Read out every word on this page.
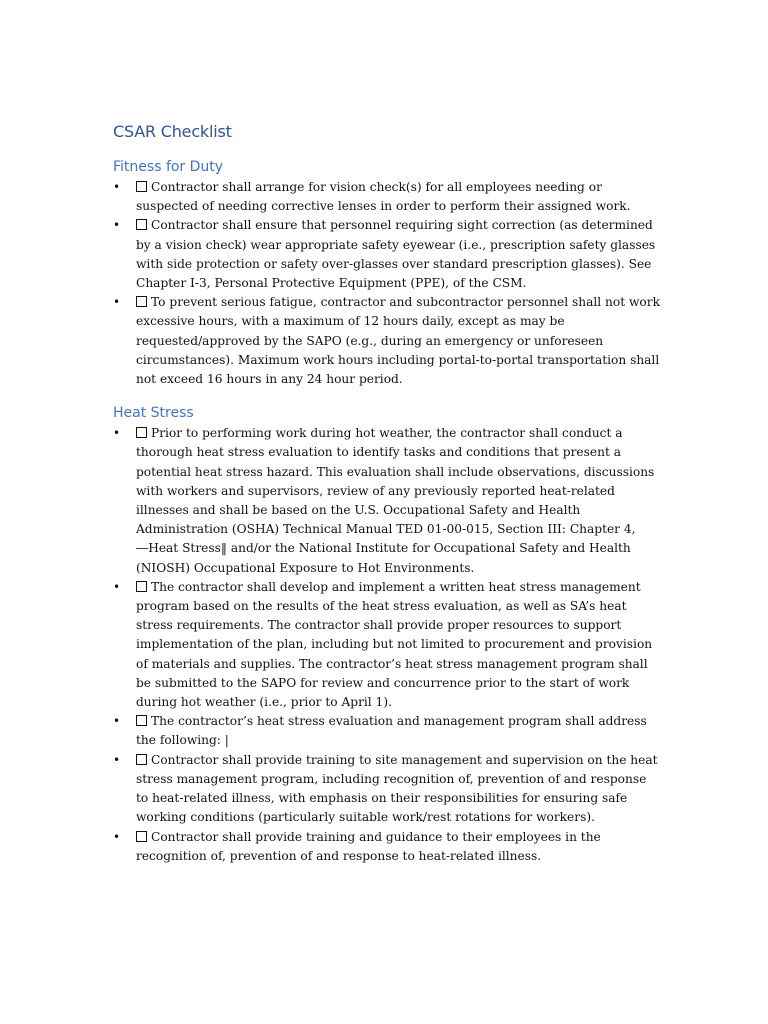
CSAR Checklist
Fitness for Duty
•	Contractor shall arrange for vision check(s) for all employees needing or suspected of needing corrective lenses in order to perform their assigned work.
•	Contractor shall ensure that personnel requiring sight correction (as determined by a vision check) wear appropriate safety eyewear (i.e., prescription safety glasses with side protection or safety over-glasses over standard prescription glasses). See Chapter I-3, Personal Protective Equipment (PPE), of the CSM.
•	To prevent serious fatigue, contractor and subcontractor personnel shall not work excessive hours, with a maximum of 12 hours daily, except as may be requested/approved by the SAPO (e.g., during an emergency or unforeseen circumstances). Maximum work hours including portal-to-portal transportation shall not exceed 16 hours in any 24 hour period.
Heat Stress
•	Prior to performing work during hot weather, the contractor shall conduct a thorough heat stress evaluation to identify tasks and conditions that present a potential heat stress hazard. This evaluation shall include observations, discussions with workers and supervisors, review of any previously reported heat-related illnesses and shall be based on the U.S. Occupational Safety and Health Administration (OSHA) Technical Manual TED 01-00-015, Section III: Chapter 4, ―Heat Stress‖ and/or the National Institute for Occupational Safety and Health (NIOSH) Occupational Exposure to Hot Environments.
•	The contractor shall develop and implement a written heat stress management program based on the results of the heat stress evaluation, as well as SA’s heat stress requirements. The contractor shall provide proper resources to support implementation of the plan, including but not limited to procurement and provision of materials and supplies. The contractor’s heat stress management program shall be submitted to the SAPO for review and concurrence prior to the start of work during hot weather (i.e., prior to April 1).
•	The contractor’s heat stress evaluation and management program shall address the following: |
•	Contractor shall provide training to site management and supervision on the heat stress management program, including recognition of, prevention of and response to heat-related illness, with emphasis on their responsibilities for ensuring safe working conditions (particularly suitable work/rest rotations for workers).
•	Contractor shall provide training and guidance to their employees in the recognition of, prevention of and response to heat-related illness.
